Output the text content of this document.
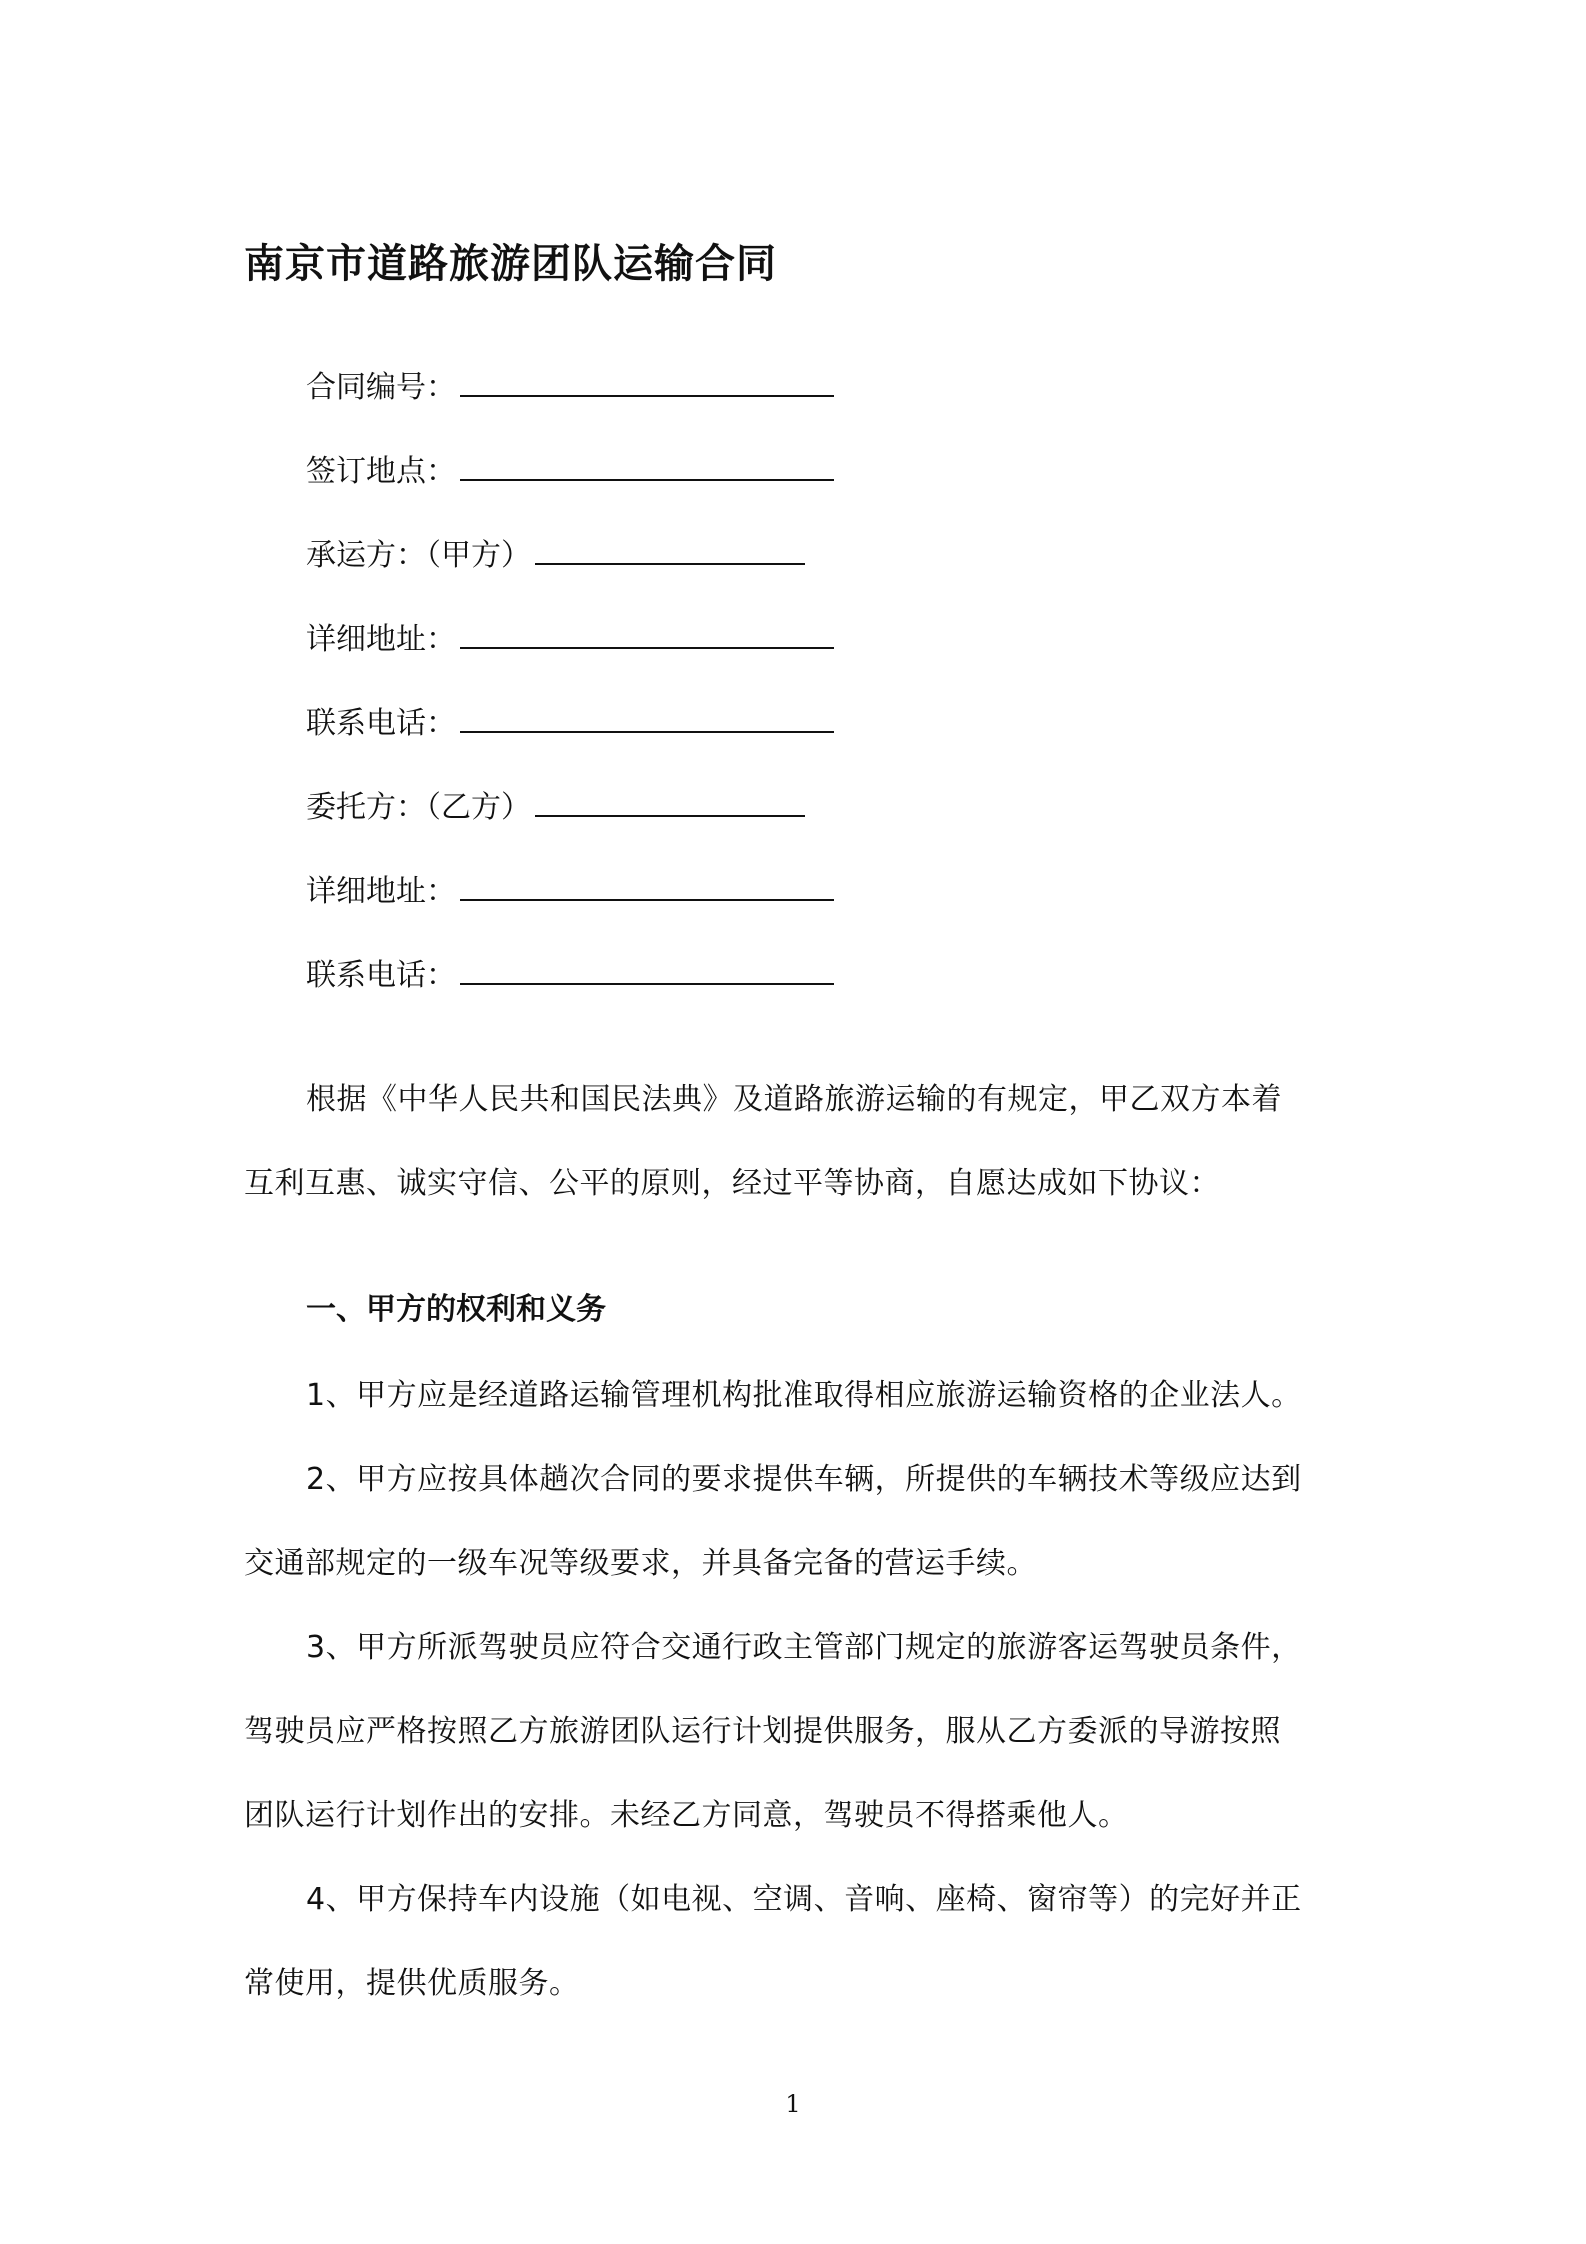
南京市道路旅游团队运输合同
合同编号：
签订地点：
承运方：（甲方）
详细地址：
联系电话：
委托方：（乙方）
详细地址：
联系电话：
根据《中华人民共和国民法典》及道路旅游运输的有规定，甲乙双方本着
互利互惠、诚实守信、公平的原则，经过平等协商，自愿达成如下协议：
一、甲方的权利和义务
1、甲方应是经道路运输管理机构批准取得相应旅游运输资格的企业法人。
2、甲方应按具体趟次合同的要求提供车辆，所提供的车辆技术等级应达到
交通部规定的一级车况等级要求，并具备完备的营运手续。
3、甲方所派驾驶员应符合交通行政主管部门规定的旅游客运驾驶员条件，
驾驶员应严格按照乙方旅游团队运行计划提供服务，服从乙方委派的导游按照
团队运行计划作出的安排。未经乙方同意，驾驶员不得搭乘他人。
4、甲方保持车内设施（如电视、空调、音响、座椅、窗帘等）的完好并正
常使用，提供优质服务。
1
